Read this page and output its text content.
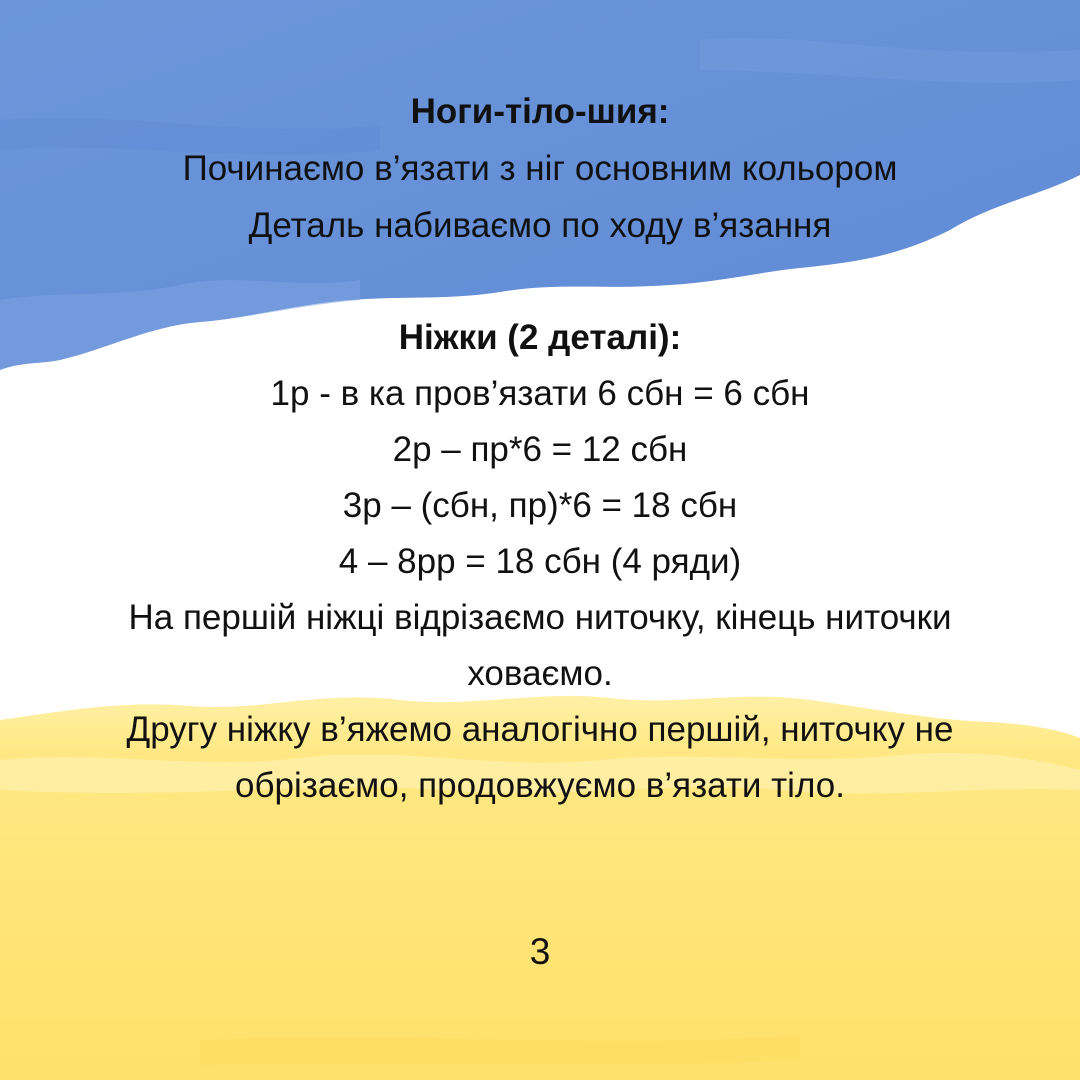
Ноги-тіло-шия:
Починаємо в’язати з ніг основним кольором
Деталь набиваємо по ходу в’язання
Ніжки (2 деталі):
1р - в ка пров’язати 6 сбн = 6 сбн
2р – пр*6 = 12 сбн
3р – (сбн, пр)*6 = 18 сбн
4 – 8рр = 18 сбн (4 ряди)
На першій ніжці відрізаємо ниточку, кінець ниточки
ховаємо.
Другу ніжку в’яжемо аналогічно першій, ниточку не
обрізаємо, продовжуємо в’язати тіло.
3
